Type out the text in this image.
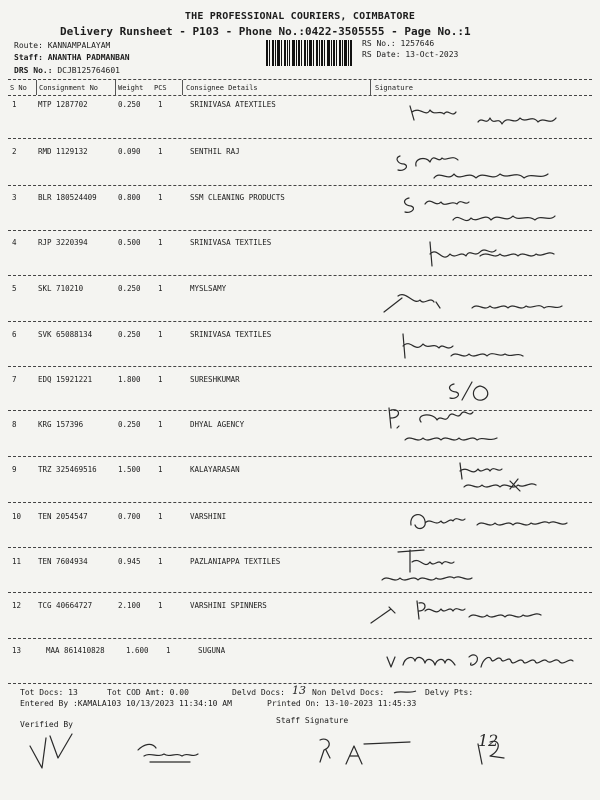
THE PROFESSIONAL COURIERS, COIMBATORE
Delivery Runsheet - P103 - Phone No.:0422-3505555 - Page No.:1
Route: KANNAMPALAYAM
Staff: ANANTHA PADMANBAN
DRS No.: DCJB125764601
RS No.: 1257646
RS Date: 13-Oct-2023
S No Consignment No	Weight PCS	Consignee Details	Signature
1	MTP 1287702	0.250 1	SRINIVASA ATEXTILES
2	RMD 1129132	0.090 1	SENTHIL RAJ
3	BLR 180524409	0.800 1	SSM CLEANING PRODUCTS
4	RJP 3220394	0.500 1	SRINIVASA TEXTILES
5	SKL 710210	0.250 1	MYSLSAMY
6	SVK 65088134	0.250 1	SRINIVASA TEXTILES
7	EDQ 15921221	1.800 1	SURESHKUMAR
8	KRG 157396	0.250 1	DHYAL AGENCY
9	TRZ 325469516	1.500 1	KALAYARASAN
10 TEN 2054547	0.700 1	VARSHINI
11 TEN 7604934	0.945 1	PAZLANIAPPA TEXTILES
12 TCG 40664727	2.100 1	VARSHINI SPINNERS
13	MAA 861410828	1.600 1	SUGUNA
Tot Docs: 13	Tot COD Amt: 0.00	Delvd Docs: 13 Non Delvd Docs:	Delvy Pts:
Entered By :KAMALA103 10/13/2023 11:34:10 AM	Printed On: 13-10-2023 11:45:33
Verified By	Staff Signature
12
